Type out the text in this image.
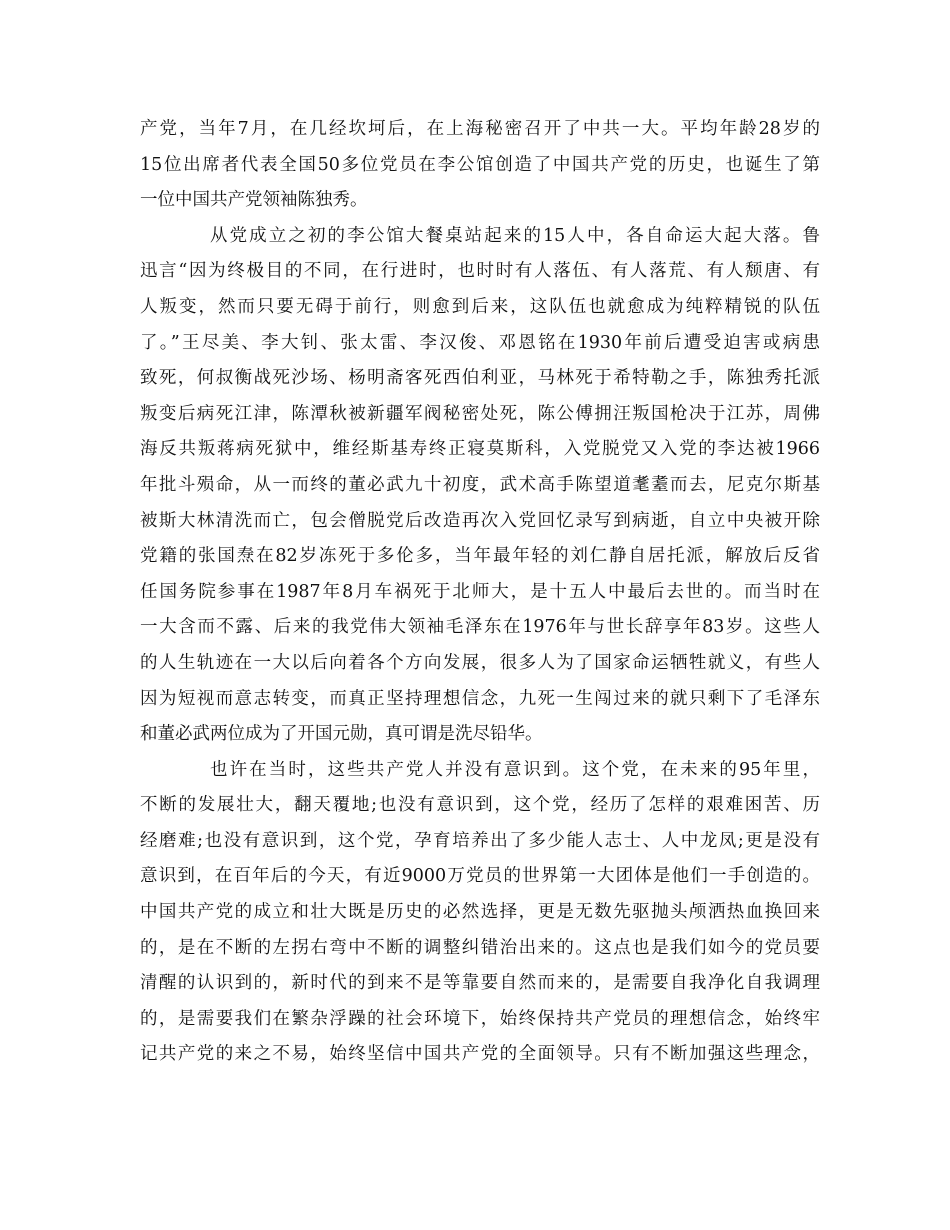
产党，当年7月，在几经坎坷后，在上海秘密召开了中共一大。平均年龄28岁的
15位出席者代表全国50多位党员在李公馆创造了中国共产党的历史，也诞生了第
一位中国共产党领袖陈独秀。
从党成立之初的李公馆大餐桌站起来的15人中，各自命运大起大落。鲁
迅言“因为终极目的不同，在行进时，也时时有人落伍、有人落荒、有人颓唐、有
人叛变，然而只要无碍于前行，则愈到后来，这队伍也就愈成为纯粹精锐的队伍
了。”王尽美、李大钊、张太雷、李汉俊、邓恩铭在1930年前后遭受迫害或病患
致死，何叔衡战死沙场、杨明斋客死西伯利亚，马林死于希特勒之手，陈独秀托派
叛变后病死江津，陈潭秋被新疆军阀秘密处死，陈公傅拥汪叛国枪决于江苏，周佛
海反共叛蒋病死狱中，维经斯基寿终正寝莫斯科，入党脱党又入党的李达被1966
年批斗殒命，从一而终的董必武九十初度，武术高手陈望道耄耋而去，尼克尔斯基
被斯大林清洗而亡，包会僧脱党后改造再次入党回忆录写到病逝，自立中央被开除
党籍的张国焘在82岁冻死于多伦多，当年最年轻的刘仁静自居托派，解放后反省
任国务院参事在1987年8月车祸死于北师大，是十五人中最后去世的。而当时在
一大含而不露、后来的我党伟大领袖毛泽东在1976年与世长辞享年83岁。这些人
的人生轨迹在一大以后向着各个方向发展，很多人为了国家命运牺牲就义，有些人
因为短视而意志转变，而真正坚持理想信念，九死一生闯过来的就只剩下了毛泽东
和董必武两位成为了开国元勋，真可谓是洗尽铅华。
也许在当时，这些共产党人并没有意识到。这个党，在未来的95年里，
不断的发展壮大，翻天覆地;也没有意识到，这个党，经历了怎样的艰难困苦、历
经磨难;也没有意识到，这个党，孕育培养出了多少能人志士、人中龙凤;更是没有
意识到，在百年后的今天，有近9000万党员的世界第一大团体是他们一手创造的。
中国共产党的成立和壮大既是历史的必然选择，更是无数先驱抛头颅洒热血换回来
的，是在不断的左拐右弯中不断的调整纠错治出来的。这点也是我们如今的党员要
清醒的认识到的，新时代的到来不是等靠要自然而来的，是需要自我净化自我调理
的，是需要我们在繁杂浮躁的社会环境下，始终保持共产党员的理想信念，始终牢
记共产党的来之不易，始终坚信中国共产党的全面领导。只有不断加强这些理念，
